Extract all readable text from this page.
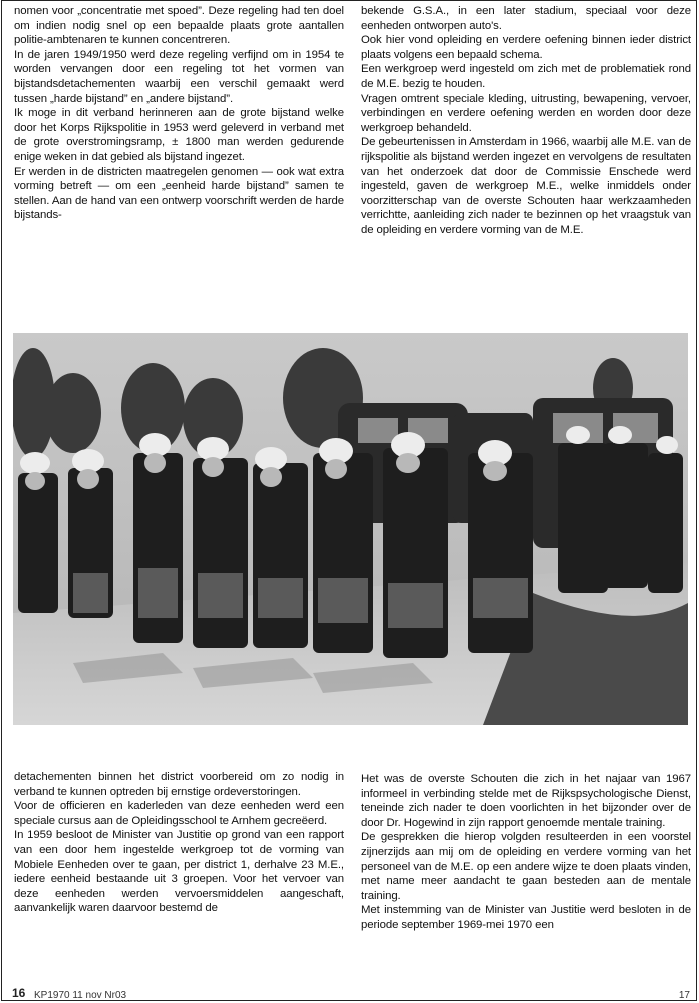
nomen voor „concentratie met spoed”. Deze regeling had ten doel om indien nodig snel op een bepaalde plaats grote aantallen politie-ambtenaren te kunnen concentreren.

In de jaren 1949/1950 werd deze regeling verfijnd om in 1954 te worden vervangen door een regeling tot het vormen van bijstandsdetachementen waarbij een verschil gemaakt werd tussen „harde bijstand” en „andere bijstand”.

Ik moge in dit verband herinneren aan de grote bijstand welke door het Korps Rijkspolitie in 1953 werd geleverd in verband met de grote overstromingsramp, ± 1800 man werden gedurende enige weken in dat gebied als bijstand ingezet.

Er werden in de districten maatregelen genomen — ook wat extra vorming betreft — om een „eenheid harde bijstand” samen te stellen. Aan de hand van een ontwerp voorschrift werden de harde bijstands-

bekende G.S.A., in een later stadium, speciaal voor deze eenheden ontworpen auto's.

Ook hier vond opleiding en verdere oefening binnen ieder district plaats volgens een bepaald schema.

Een werkgroep werd ingesteld om zich met de problematiek rond de M.E. bezig te houden.

Vragen omtrent speciale kleding, uitrusting, bewapening, vervoer, verbindingen en verdere oefening werden en worden door deze werkgroep behandeld.

De gebeurtenissen in Amsterdam in 1966, waarbij alle M.E. van de rijkspolitie als bijstand werden ingezet en vervolgens de resultaten van het onderzoek dat door de Commissie Enschede werd ingesteld, gaven de werkgroep M.E., welke inmiddels onder voorzitterschap van de overste Schouten haar werkzaamheden verrichtte, aanleiding zich nader te bezinnen op het vraagstuk van de opleiding en verdere vorming van de M.E.

detachementen binnen het district voorbereid om zo nodig in verband te kunnen optreden bij ernstige ordeverstoringen.

Voor de officieren en kaderleden van deze eenheden werd een speciale cursus aan de Opleidingsschool te Arnhem gecreëerd.

In 1959 besloot de Minister van Justitie op grond van een rapport van een door hem ingestelde werkgroep tot de vorming van Mobiele Eenheden over te gaan, per district 1, derhalve 23 M.E., iedere eenheid bestaande uit 3 groepen. Voor het vervoer van deze eenheden werden vervoersmiddelen aangeschaft, aanvankelijk waren daarvoor bestemd de

Het was de overste Schouten die zich in het najaar van 1967 informeel in verbinding stelde met de Rijkspsychologische Dienst, teneinde zich nader te doen voorlichten in het bijzonder over de door Dr. Hogewind in zijn rapport genoemde mentale training.

De gesprekken die hierop volgden resulteerden in een voorstel zijnerzijds aan mij om de opleiding en verdere vorming van het personeel van de M.E. op een andere wijze te doen plaats vinden, met name meer aandacht te gaan besteden aan de mentale training.

Met instemming van de Minister van Justitie werd besloten in de periode september 1969-mei 1970 een

16 KP1970 11 nov Nr03	17
